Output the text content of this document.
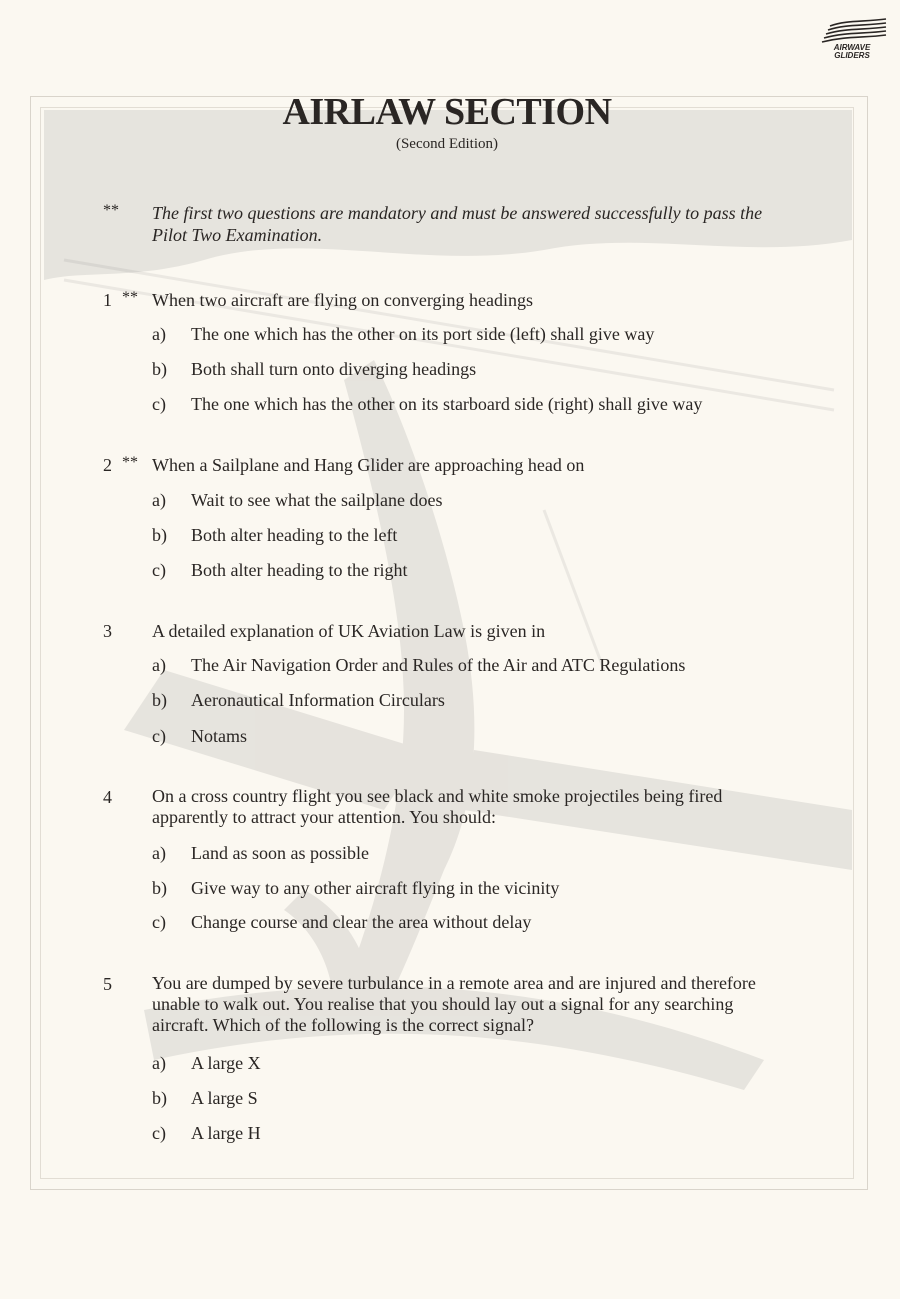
AIRWAVE
GLIDERS
AIRLAW SECTION
(Second Edition)
** The first two questions are mandatory and must be answered successfully to pass the Pilot Two Examination.
1 ** When two aircraft are flying on converging headings
a) The one which has the other on its port side (left) shall give way
b) Both shall turn onto diverging headings
c) The one which has the other on its starboard side (right) shall give way
2 ** When a Sailplane and Hang Glider are approaching head on
a) Wait to see what the sailplane does
b) Both alter heading to the left
c) Both alter heading to the right
3 A detailed explanation of UK Aviation Law is given in
a) The Air Navigation Order and Rules of the Air and ATC Regulations
b) Aeronautical Information Circulars
c) Notams
4 On a cross country flight you see black and white smoke projectiles being fired apparently to attract your attention. You should:
a) Land as soon as possible
b) Give way to any other aircraft flying in the vicinity
c) Change course and clear the area without delay
5 You are dumped by severe turbulance in a remote area and are injured and therefore unable to walk out. You realise that you should lay out a signal for any searching aircraft. Which of the following is the correct signal?
a) A large X
b) A large S
c) A large H
